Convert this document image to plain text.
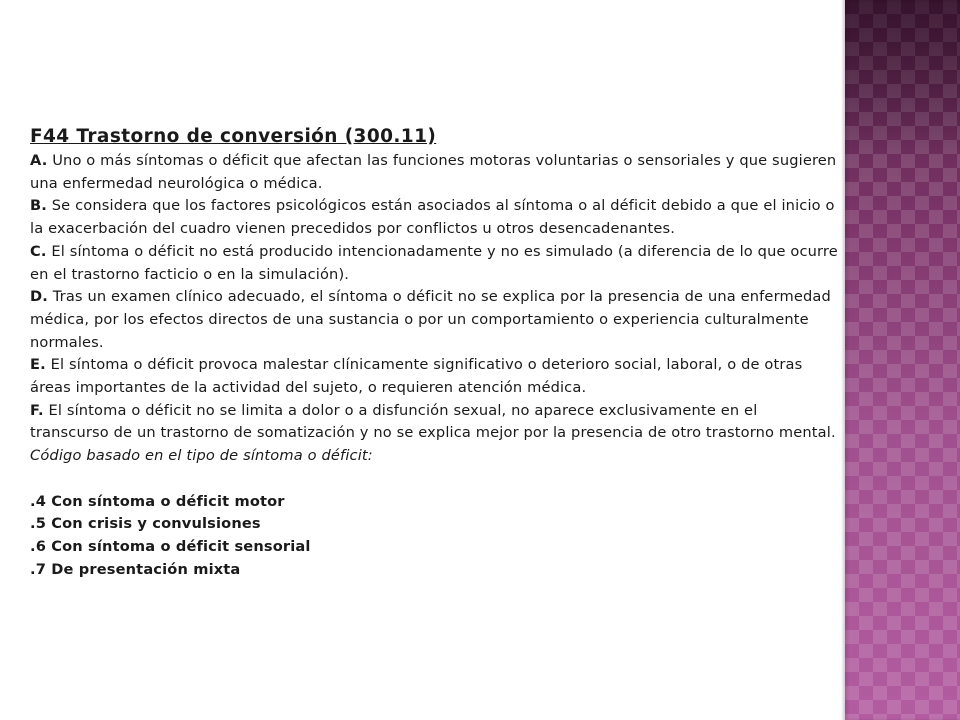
F44 Trastorno de conversión (300.11)

A. Uno o más síntomas o déficit que afectan las funciones motoras voluntarias o sensoriales y que sugieren una enfermedad neurológica o médica.

B. Se considera que los factores psicológicos están asociados al síntoma o al déficit debido a que el inicio o la exacerbación del cuadro vienen precedidos por conflictos u otros desencadenantes.

C. El síntoma o déficit no está producido intencionadamente y no es simulado (a diferencia de lo que ocurre en el trastorno facticio o en la simulación).

D. Tras un examen clínico adecuado, el síntoma o déficit no se explica por la presencia de una enfermedad médica, por los efectos directos de una sustancia o por un comportamiento o experiencia culturalmente normales.

E. El síntoma o déficit provoca malestar clínicamente significativo o deterioro social, laboral, o de otras áreas importantes de la actividad del sujeto, o requieren atención médica.

F. El síntoma o déficit no se limita a dolor o a disfunción sexual, no aparece exclusivamente en el transcurso de un trastorno de somatización y no se explica mejor por la presencia de otro trastorno mental.

Código basado en el tipo de síntoma o déficit:

.4 Con síntoma o déficit motor
.5 Con crisis y convulsiones
.6 Con síntoma o déficit sensorial
.7 De presentación mixta
